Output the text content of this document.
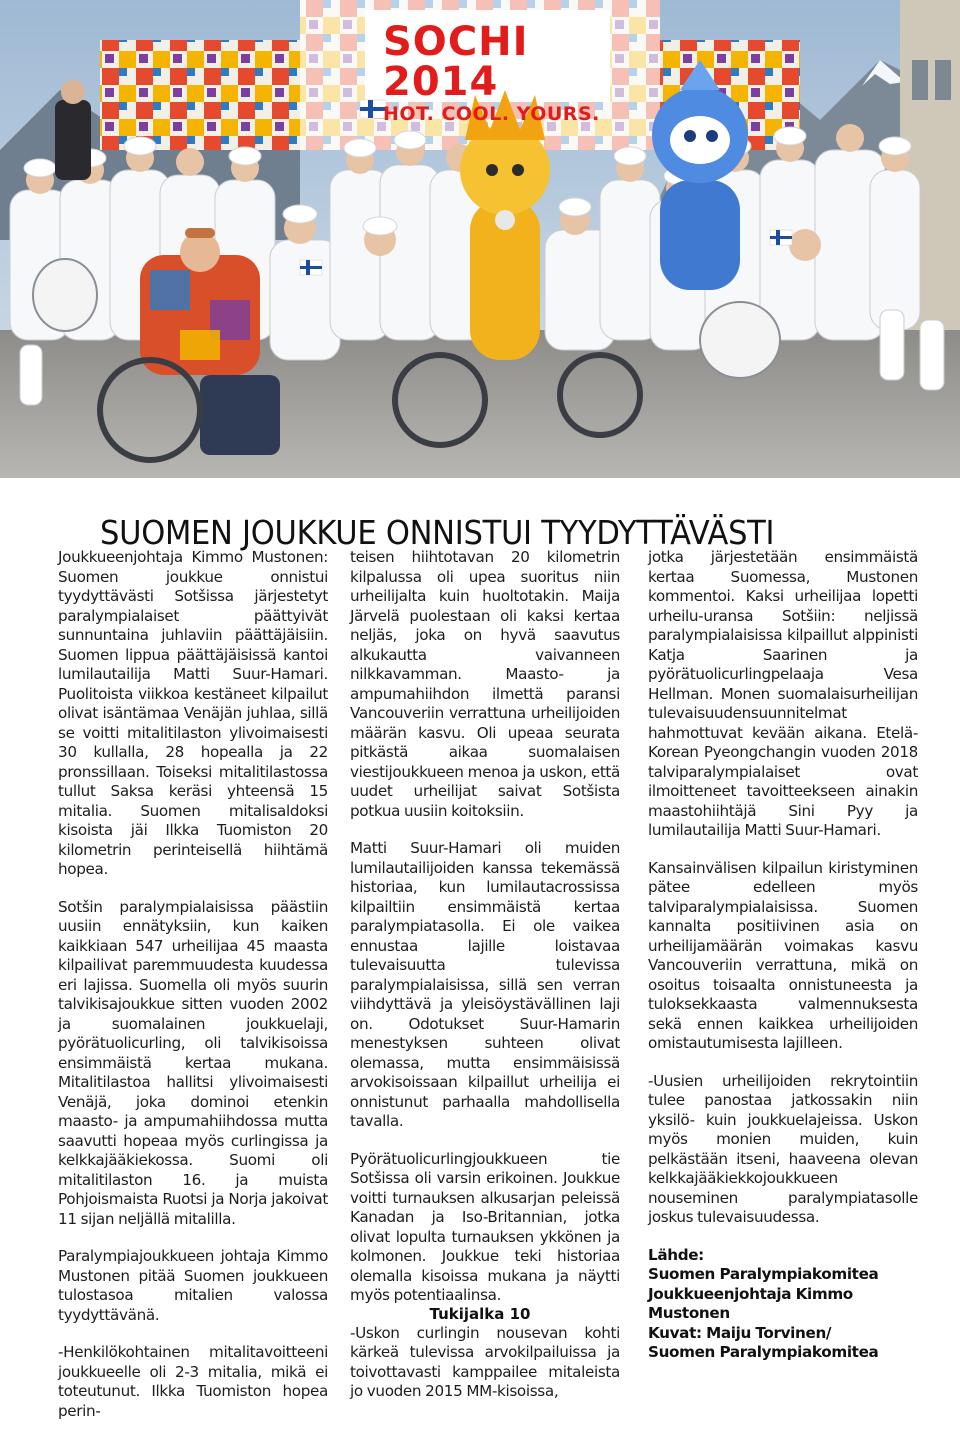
SOCHI 2014
HOT. COOL. YOURS.
SUOMEN JOUKKUE ONNISTUI TYYDYTTÄVÄSTI

Joukkueenjohtaja Kimmo Mustonen: Suomen joukkue onnistui tyydyttävästi Sotšissa järjestetyt paralympialaiset päättyivät sunnuntaina juhlaviin päättäjäisiin. Suomen lippua päättäjäisissä kantoi lumilautailija Matti Suur-Hamari. Puolitoista viikkoa kestäneet kilpailut olivat isäntämaa Venäjän juhlaa, sillä se voitti mitalitilaston ylivoimaisesti 30 kullalla, 28 hopealla ja 22 pronssillaan. Toiseksi mitalitilastossa tullut Saksa keräsi yhteensä 15 mitalia. Suomen mitalisaldoksi kisoista jäi Ilkka Tuomiston 20 kilometrin perinteisellä hiihtämä hopea.

Sotšin paralympialaisissa päästiin uusiin ennätyksiin, kun kaiken kaikkiaan 547 urheilijaa 45 maasta kilpailivat paremmuudesta kuudessa eri lajissa. Suomella oli myös suurin talvikisajoukkue sitten vuoden 2002 ja suomalainen joukkuelaji, pyörätuolicurling, oli talvikisoissa ensimmäistä kertaa mukana. Mitalitilastoa hallitsi ylivoimaisesti Venäjä, joka dominoi etenkin maasto- ja ampumahiihdossa mutta saavutti hopeaa myös curlingissa ja kelkkajääkiekossa. Suomi oli mitalitilaston 16. ja muista Pohjoismaista Ruotsi ja Norja jakoivat 11 sijan neljällä mitalilla.

Paralympiajoukkueen johtaja Kimmo Mustonen pitää Suomen joukkueen tulostasoa mitalien valossa tyydyttävänä.

-Henkilökohtainen mitalitavoitteeni joukkueelle oli 2-3 mitalia, mikä ei toteutunut. Ilkka Tuomiston hopea perin-

teisen hiihtotavan 20 kilometrin kilpalussa oli upea suoritus niin urheilijalta kuin huoltotakin. Maija Järvelä puolestaan oli kaksi kertaa neljäs, joka on hyvä saavutus alkukautta vaivanneen nilkkavamman. Maasto- ja ampumahiihdon ilmettä paransi Vancouveriin verrattuna urheilijoiden määrän kasvu. Oli upeaa seurata pitkästä aikaa suomalaisen viestijoukkueen menoa ja uskon, että uudet urheilijat saivat Sotšista potkua uusiin koitoksiin.

Matti Suur-Hamari oli muiden lumilautailijoiden kanssa tekemässä historiaa, kun lumilautacrossissa kilpailtiin ensimmäistä kertaa paralympiatasolla. Ei ole vaikea ennustaa lajille loistavaa tulevaisuutta tulevissa paralympialaisissa, sillä sen verran viihdyttävä ja yleisöystävällinen laji on. Odotukset Suur-Hamarin menestyksen suhteen olivat olemassa, mutta ensimmäisissä arvokisoissaan kilpaillut urheilija ei onnistunut parhaalla mahdollisella tavalla.

Pyörätuolicurlingjoukkueen tie Sotšissa oli varsin erikoinen. Joukkue voitti turnauksen alkusarjan peleissä Kanadan ja Iso-Britannian, jotka olivat lopulta turnauksen ykkönen ja kolmonen. Joukkue teki historiaa olemalla kisoissa mukana ja näytti myös potentiaalinsa.

-Uskon curlingin nousevan kohti kärkeä tulevissa arvokilpailuissa ja toivottavasti kamppailee mitaleista jo vuoden 2015 MM-kisoissa,

jotka järjestetään ensimmäistä kertaa Suomessa, Mustonen kommentoi. Kaksi urheilijaa lopetti urheilu-uransa Sotšiin: neljissä paralympialaisissa kilpaillut alppinisti Katja Saarinen ja pyörätuolicurlingpelaaja Vesa Hellman. Monen suomalaisurheilijan tulevaisuudensuunnitelmat hahmottuvat kevään aikana. Etelä-Korean Pyeongchangin vuoden 2018 talviparalympialaiset ovat ilmoitteneet tavoitteekseen ainakin maastohiihtäjä Sini Pyy ja lumilautailija Matti Suur-Hamari.

Kansainvälisen kilpailun kiristyminen pätee edelleen myös talviparalympialaisissa. Suomen kannalta positiivinen asia on urheilijamäärän voimakas kasvu Vancouveriin verrattuna, mikä on osoitus toisaalta onnistuneesta ja tuloksekkaasta valmennuksesta sekä ennen kaikkea urheilijoiden omistautumisesta lajilleen.

-Uusien urheilijoiden rekrytointiin tulee panostaa jatkossakin niin yksilö- kuin joukkuelajeissa. Uskon myös monien muiden, kuin pelkästään itseni, haaveena olevan kelkkajääkiekkojoukkueen nouseminen paralympiatasolle joskus tulevaisuudessa.

Lähde:
Suomen Paralympiakomitea
Joukkueenjohtaja Kimmo Mustonen
Kuvat: Maiju Torvinen/
Suomen Paralympiakomitea
Tukijalka 10
